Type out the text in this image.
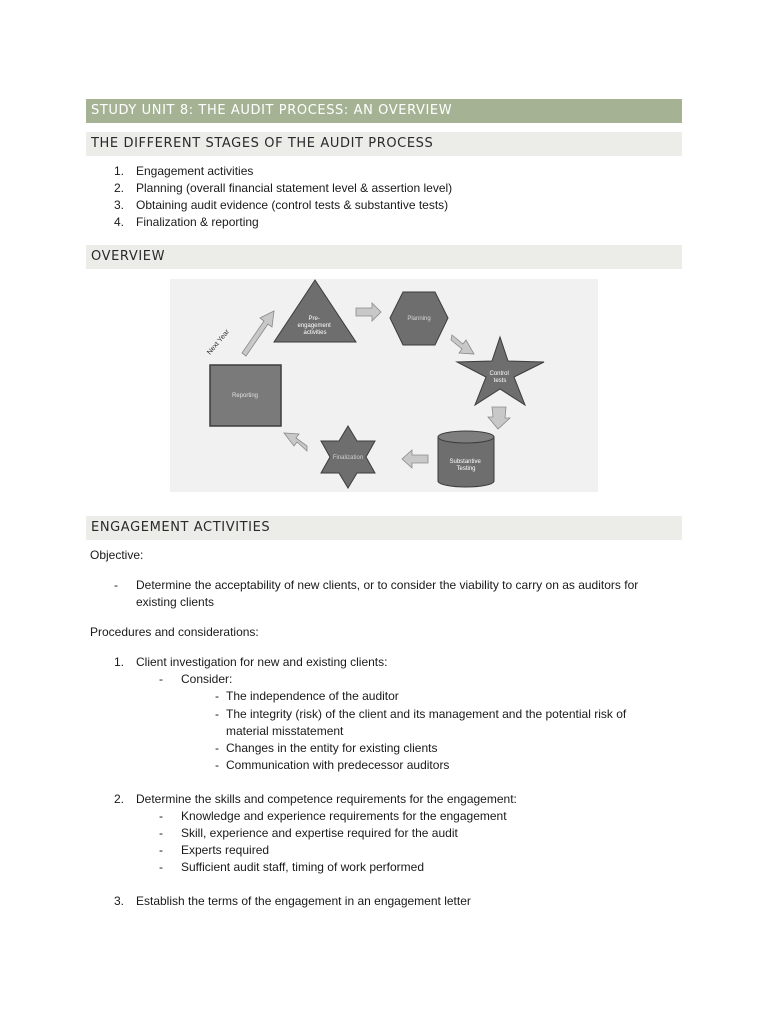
STUDY UNIT 8: THE AUDIT PROCESS: AN OVERVIEW
THE DIFFERENT STAGES OF THE AUDIT PROCESS
1. Engagement activities
2. Planning (overall financial statement level & assertion level)
3. Obtaining audit evidence (control tests & substantive tests)
4. Finalization & reporting
OVERVIEW
Pre- engagement activities
Planning
Control tests
Substantive Testing
Finalization
Reporting
Next Year
ENGAGEMENT ACTIVITIES
Objective:
- Determine the acceptability of new clients, or to consider the viability to carry on as auditors for
existing clients
Procedures and considerations:
1. Client investigation for new and existing clients:
- Consider:
- The independence of the auditor
- The integrity (risk) of the client and its management and the potential risk of
material misstatement
- Changes in the entity for existing clients
- Communication with predecessor auditors
2. Determine the skills and competence requirements for the engagement:
- Knowledge and experience requirements for the engagement
- Skill, experience and expertise required for the audit
- Experts required
- Sufficient audit staff, timing of work performed
3. Establish the terms of the engagement in an engagement letter
